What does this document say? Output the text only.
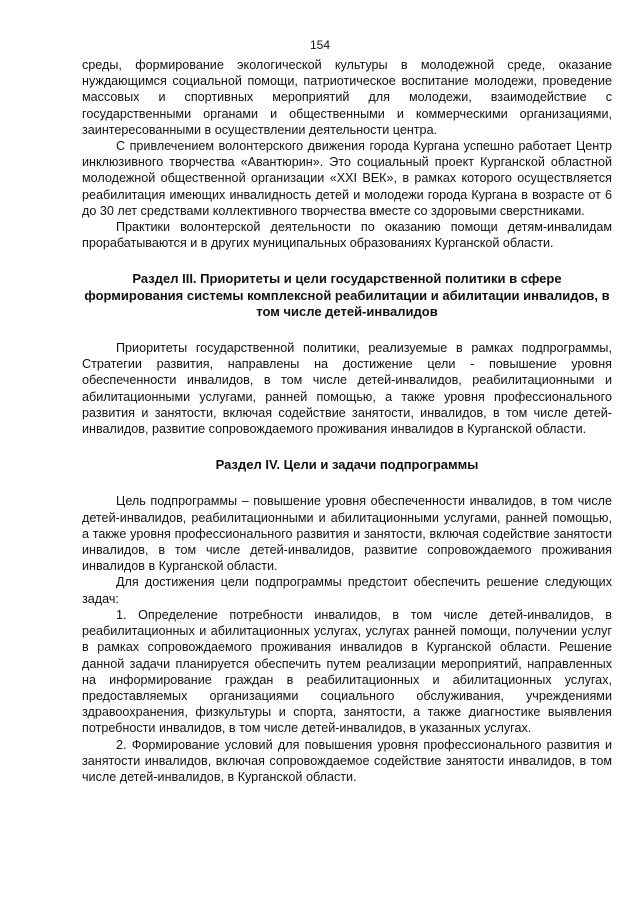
154

среды, формирование экологической культуры в молодежной среде, оказание нуждающимся социальной помощи, патриотическое воспитание молодежи, проведение массовых и спортивных мероприятий для молодежи, взаимодействие с государственными органами и общественными и коммерческими организациями, заинтересованными в осуществлении деятельности центра.

С привлечением волонтерского движения города Кургана успешно работает Центр инклюзивного творчества «Авантюрин». Это социальный проект Курганской областной молодежной общественной организации «XXI ВЕК», в рамках которого осуществляется реабилитация имеющих инвалидность детей и молодежи города Кургана в возрасте от 6 до 30 лет средствами коллективного творчества вместе со здоровыми сверстниками.

Практики волонтерской деятельности по оказанию помощи детям-инвалидам прорабатываются и в других муниципальных образованиях Курганской области.

Раздел III. Приоритеты и цели государственной политики в сфере формирования системы комплексной реабилитации и абилитации инвалидов, в том числе детей-инвалидов

Приоритеты государственной политики, реализуемые в рамках подпрограммы, Стратегии развития, направлены на достижение цели - повышение уровня обеспеченности инвалидов, в том числе детей-инвалидов, реабилитационными и абилитационными услугами, ранней помощью, а также уровня профессионального развития и занятости, включая содействие занятости, инвалидов, в том числе детей-инвалидов, развитие сопровождаемого проживания инвалидов в Курганской области.

Раздел IV. Цели и задачи подпрограммы

Цель подпрограммы – повышение уровня обеспеченности инвалидов, в том числе детей-инвалидов, реабилитационными и абилитационными услугами, ранней помощью, а также уровня профессионального развития и занятости, включая содействие занятости инвалидов, в том числе детей-инвалидов, развитие сопровождаемого проживания инвалидов в Курганской области.

Для достижения цели подпрограммы предстоит обеспечить решение следующих задач:

1. Определение потребности инвалидов, в том числе детей-инвалидов, в реабилитационных и абилитационных услугах, услугах ранней помощи, получении услуг в рамках сопровождаемого проживания инвалидов в Курганской области. Решение данной задачи планируется обеспечить путем реализации мероприятий, направленных на информирование граждан в реабилитационных и абилитационных услугах, предоставляемых организациями социального обслуживания, учреждениями здравоохранения, физкультуры и спорта, занятости, а также диагностике выявления потребности инвалидов, в том числе детей-инвалидов, в указанных услугах.

2. Формирование условий для повышения уровня профессионального развития и занятости инвалидов, включая сопровождаемое содействие занятости инвалидов, в том числе детей-инвалидов, в Курганской области.
